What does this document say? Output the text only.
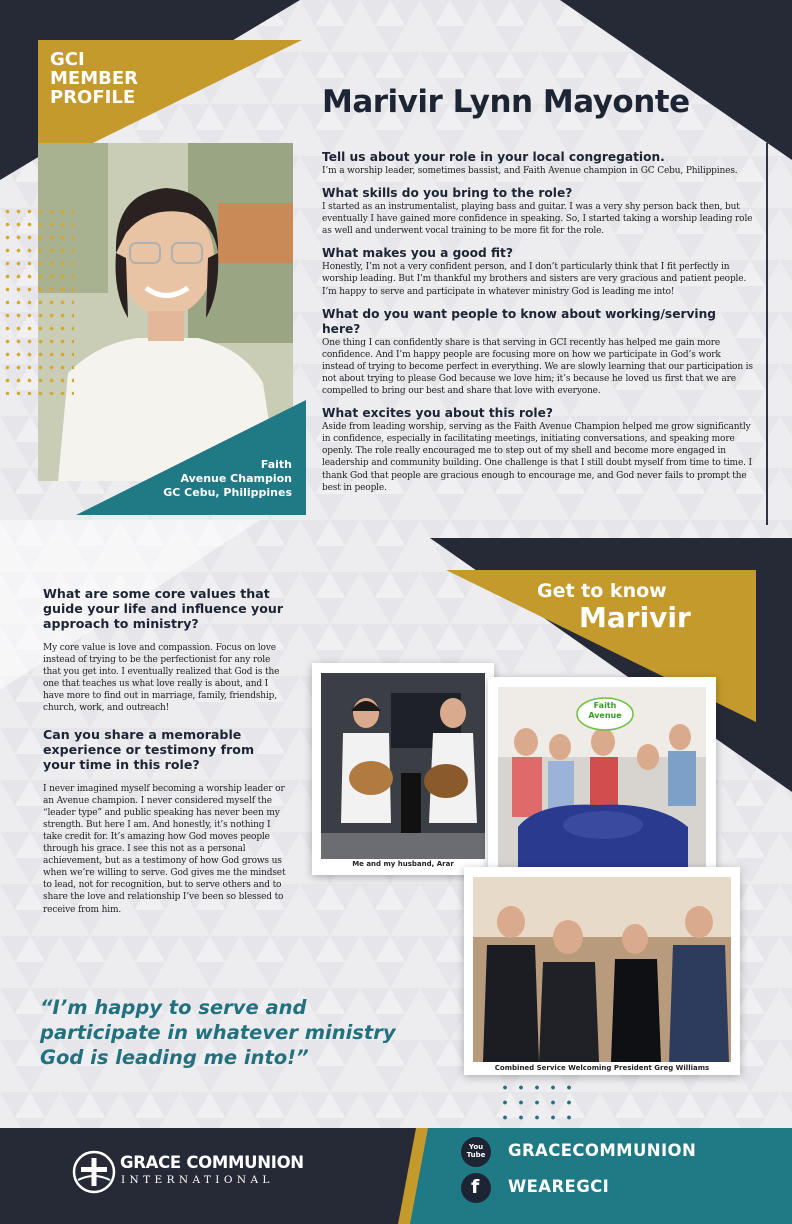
GCI
MEMBER
PROFILE	Marivir Lynn Mayonte
Faith
Avenue Champion
GC Cebu, Philippines
Tell us about your role in your local congregation.
I’m a worship leader, sometimes bassist, and Faith Avenue champion in GC Cebu, Philippines.
What skills do you bring to the role?
I started as an instrumentalist, playing bass and guitar. I was a very shy person back then, but eventually I have gained more confidence in speaking. So, I started taking a worship leading role as well and underwent vocal training to be more fit for the role.
What makes you a good fit?
Honestly, I’m not a very confident person, and I don’t particularly think that I fit perfectly in worship leading. But I’m thankful my brothers and sisters are very gracious and patient people. I’m happy to serve and participate in whatever ministry God is leading me into!
What do you want people to know about working/serving here?
One thing I can confidently share is that serving in GCI recently has helped me gain more confidence. And I’m happy people are focusing more on how we participate in God’s work instead of trying to become perfect in everything. We are slowly learning that our participation is not about trying to please God because we love him; it’s because he loved us first that we are compelled to bring our best and share that love with everyone.
What excites you about this role?
Aside from leading worship, serving as the Faith Avenue Champion helped me grow significantly in confidence, especially in facilitating meetings, initiating conversations, and speaking more openly. The role really encouraged me to step out of my shell and become more engaged in leadership and community building. One challenge is that I still doubt myself from time to time. I thank God that people are gracious enough to encourage me, and God never fails to prompt the best in people.
What are some core values that guide your life and influence your approach to ministry?
My core value is love and compassion. Focus on love instead of trying to be the perfectionist for any role that you get into. I eventually realized that God is the one that teaches us what love really is about, and I have more to find out in marriage, family, friendship, church, work, and outreach!
Can you share a memorable experience or testimony from your time in this role?
I never imagined myself becoming a worship leader or an Avenue champion. I never considered myself the “leader type” and public speaking has never been my strength. But here I am. And honestly, it’s nothing I take credit for. It’s amazing how God moves people through his grace. I see this not as a personal achievement, but as a testimony of how God grows us when we’re willing to serve. God gives me the mindset to lead, not for recognition, but to serve others and to share the love and relationship I’ve been so blessed to receive from him.
“I’m happy to serve and participate in whatever ministry God is leading me into!”
Get to know
Marivir
Me and my husband, Arar
Faith Avenue
Combined Service Welcoming President Greg Williams
GRACE COMMUNION
INTERNATIONAL
You Tube GRACECOMMUNION
f WEAREGCI
